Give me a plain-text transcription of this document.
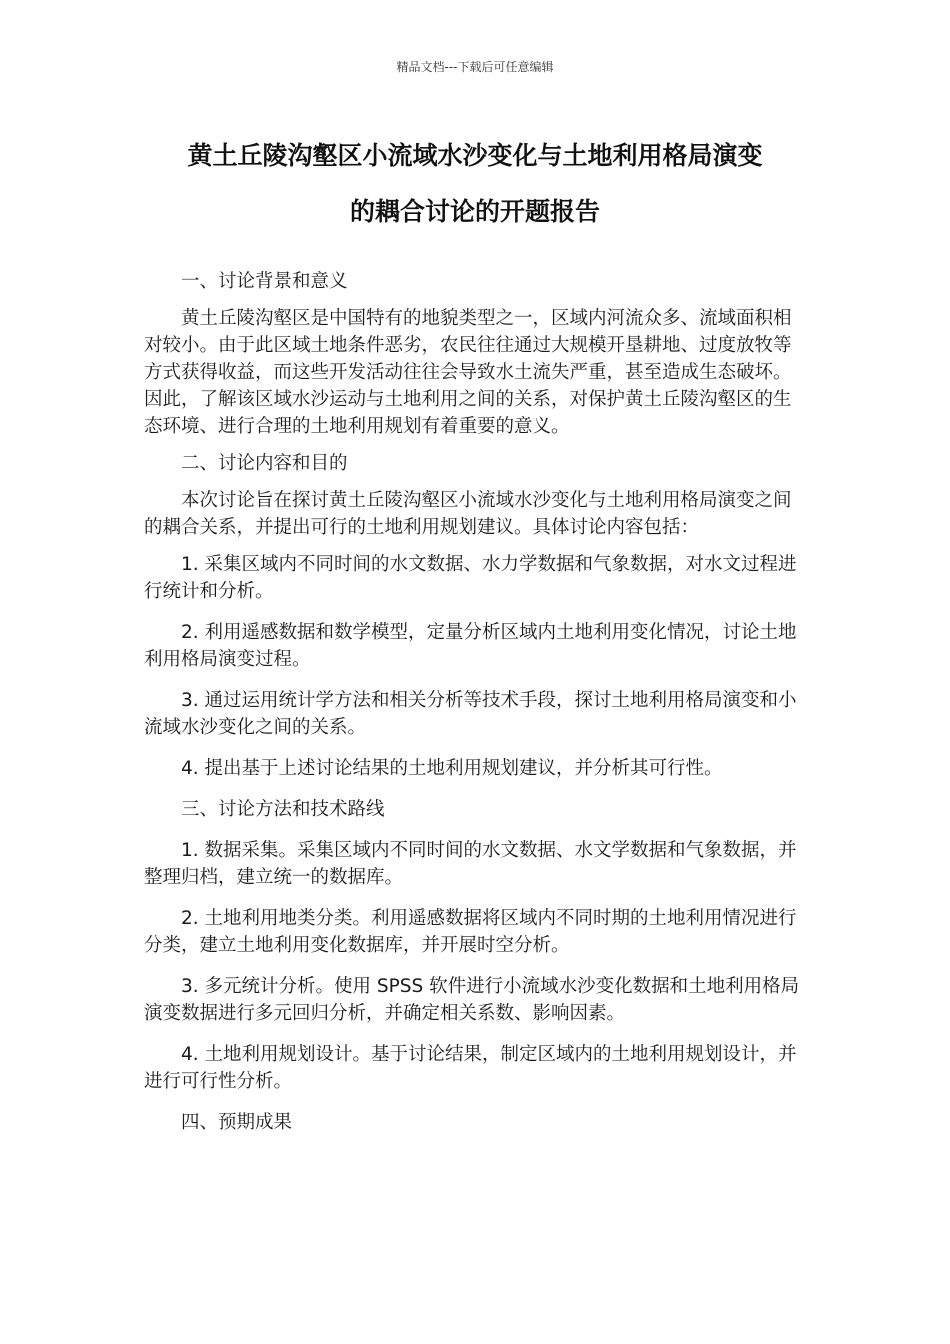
精品文档---下载后可任意编辑
黄土丘陵沟壑区小流域水沙变化与土地利用格局演变
的耦合讨论的开题报告

一、讨论背景和意义

黄土丘陵沟壑区是中国特有的地貌类型之一，区域内河流众多、流域面积相对较小。由于此区域土地条件恶劣，农民往往通过大规模开垦耕地、过度放牧等方式获得收益，而这些开发活动往往会导致水土流失严重，甚至造成生态破坏。因此，了解该区域水沙运动与土地利用之间的关系，对保护黄土丘陵沟壑区的生态环境、进行合理的土地利用规划有着重要的意义。

二、讨论内容和目的

本次讨论旨在探讨黄土丘陵沟壑区小流域水沙变化与土地利用格局演变之间的耦合关系，并提出可行的土地利用规划建议。具体讨论内容包括：

1. 采集区域内不同时间的水文数据、水力学数据和气象数据，对水文过程进行统计和分析。

2. 利用遥感数据和数学模型，定量分析区域内土地利用变化情况，讨论土地利用格局演变过程。

3. 通过运用统计学方法和相关分析等技术手段，探讨土地利用格局演变和小流域水沙变化之间的关系。

4. 提出基于上述讨论结果的土地利用规划建议，并分析其可行性。

三、讨论方法和技术路线

1. 数据采集。采集区域内不同时间的水文数据、水文学数据和气象数据，并整理归档，建立统一的数据库。

2. 土地利用地类分类。利用遥感数据将区域内不同时期的土地利用情况进行分类，建立土地利用变化数据库，并开展时空分析。

3. 多元统计分析。使用 SPSS 软件进行小流域水沙变化数据和土地利用格局演变数据进行多元回归分析，并确定相关系数、影响因素。

4. 土地利用规划设计。基于讨论结果，制定区域内的土地利用规划设计，并进行可行性分析。

四、预期成果
